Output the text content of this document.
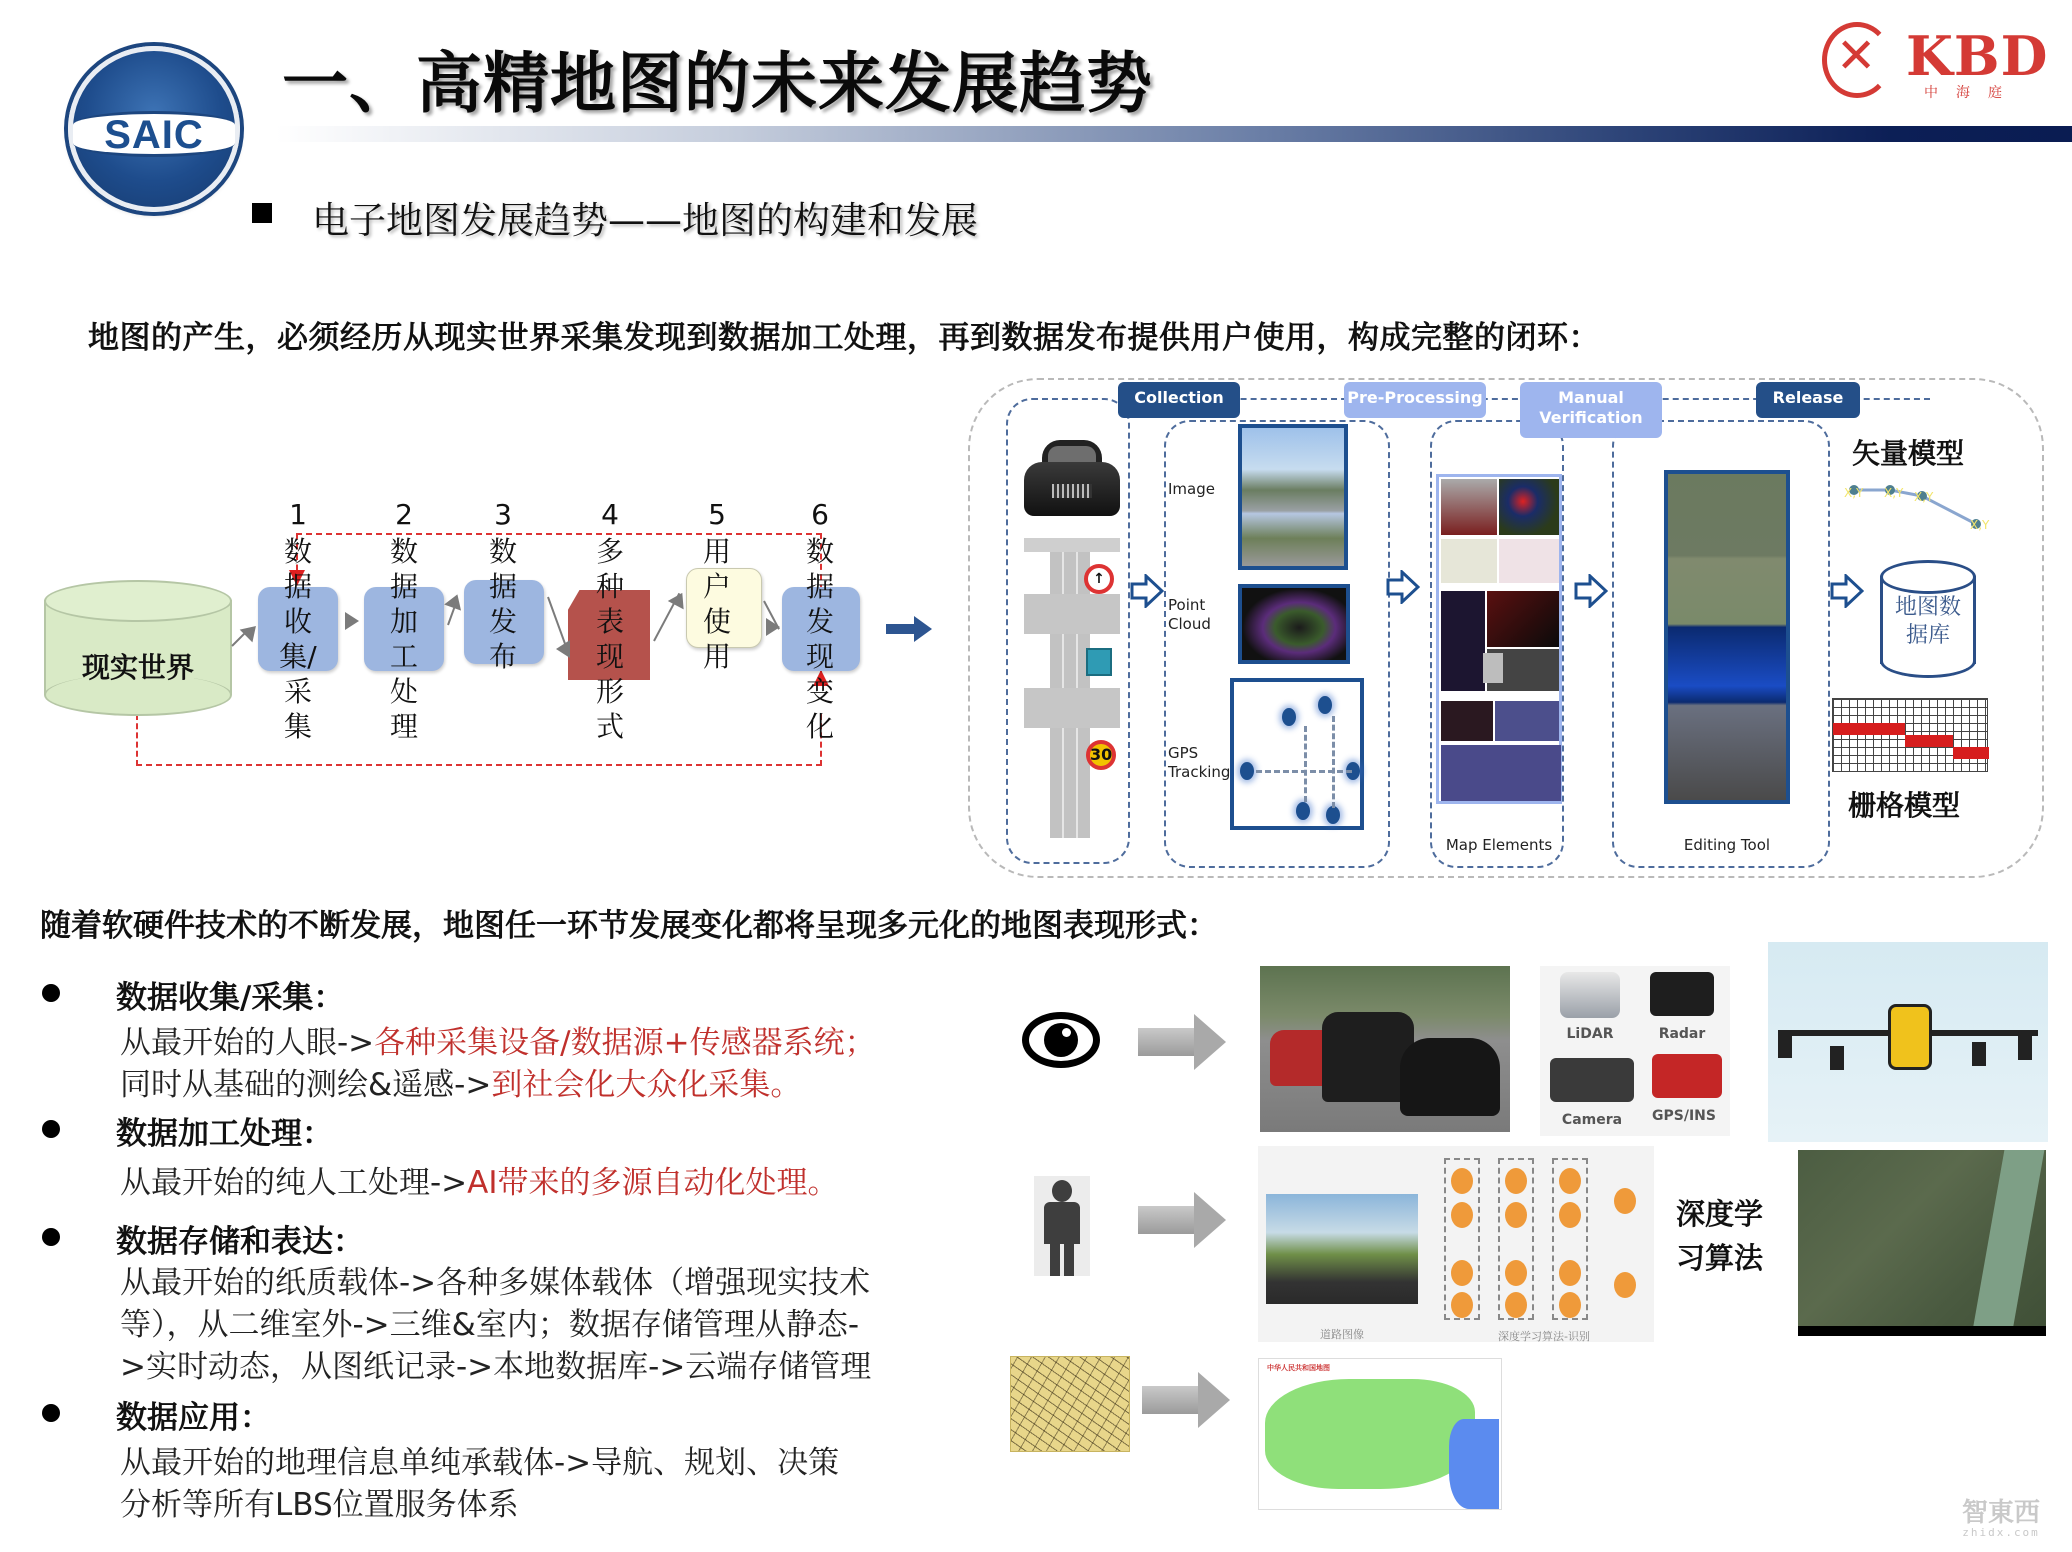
SAIC
一、高精地图的未来发展趋势	✕ KBD
中海庭
电子地图发展趋势——地图的构建和发展
地图的产生，必须经历从现实世界采集发现到数据加工处理，再到数据发布提供用户使用，构成完整的闭环：
现实世界
1	2	3	4	5	6
数
据
收
集/
采
集
数
据
加
工
处
理
数
据
发
布
多
种
表
现
形
式
用
户
使
用
数
据
发
现
变
化
Collection	Pre-Processing	Manual Verification
Release
↑
30
Image
Point Cloud
GPS Tracking
Map Elements	Editing Tool
矢量模型
X,Y X,Y X,Y
X,Y
地图数
据库
栅格模型
随着软硬件技术的不断发展，地图任一环节发展变化都将呈现多元化的地图表现形式：
数据收集/采集：
从最开始的人眼->各种采集设备/数据源+传感器系统；
同时从基础的测绘&遥感->到社会化大众化采集。
数据加工处理：
从最开始的纯人工处理->AI带来的多源自动化处理。
数据存储和表达：
从最开始的纸质载体->各种多媒体载体（增强现实技术
等），从二维室外->三维&室内；数据存储管理从静态-
>实时动态，从图纸记录->本地数据库->云端存储管理
数据应用：
从最开始的地理信息单纯承载体->导航、规划、决策
分析等所有LBS位置服务体系
LiDAR	Radar
Camera	GPS/INS
道路图像	深度学习算法-识别
深度学
习算法
中华人民共和国地图
智東西
zhidx.com
